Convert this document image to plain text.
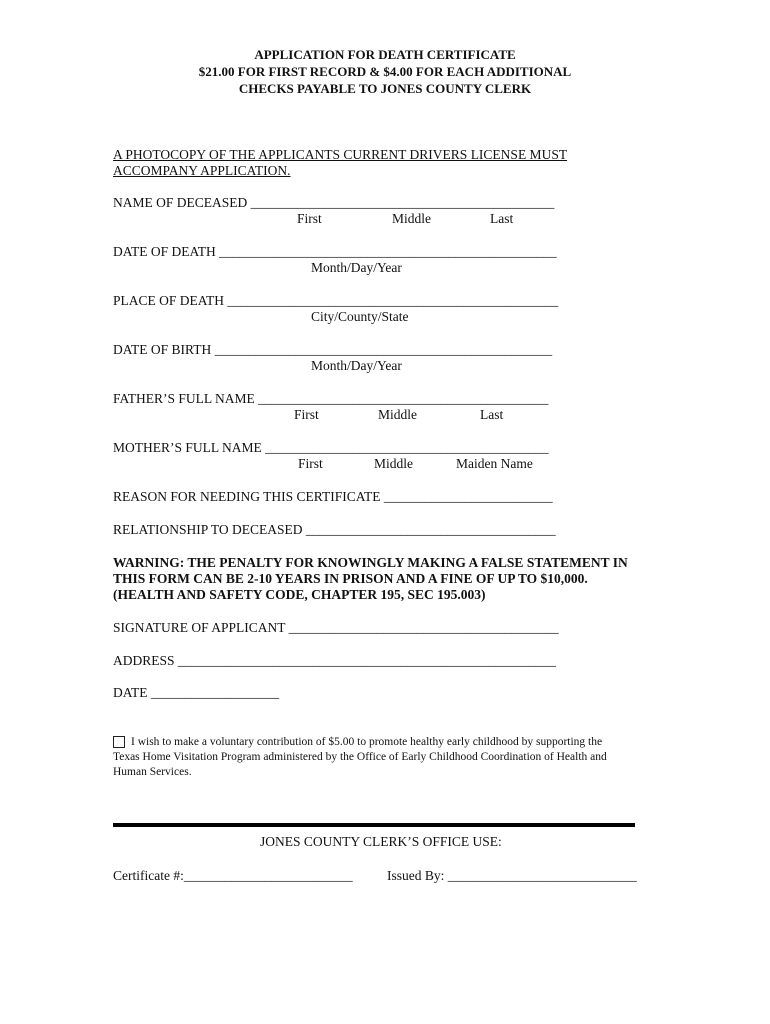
APPLICATION FOR DEATH CERTIFICATE
$21.00 FOR FIRST RECORD & $4.00 FOR EACH ADDITIONAL
CHECKS PAYABLE TO JONES COUNTY CLERK
A PHOTOCOPY OF THE APPLICANTS CURRENT DRIVERS LICENSE MUST
ACCOMPANY APPLICATION.
NAME OF DECEASED _____________________________________________
First	Middle	Last
DATE OF DEATH __________________________________________________
Month/Day/Year
PLACE OF DEATH _________________________________________________
City/County/State
DATE OF BIRTH __________________________________________________
Month/Day/Year
FATHER’S FULL NAME ___________________________________________
First	Middle	Last
MOTHER’S FULL NAME __________________________________________
First	Middle	Maiden Name
REASON FOR NEEDING THIS CERTIFICATE _________________________
RELATIONSHIP TO DECEASED _____________________________________
WARNING: THE PENALTY FOR KNOWINGLY MAKING A FALSE STATEMENT IN
THIS FORM CAN BE 2-10 YEARS IN PRISON AND A FINE OF UP TO $10,000.
(HEALTH AND SAFETY CODE, CHAPTER 195, SEC 195.003)
SIGNATURE OF APPLICANT ________________________________________
ADDRESS ________________________________________________________
DATE ___________________
I wish to make a voluntary contribution of $5.00 to promote healthy early childhood by supporting the
Texas Home Visitation Program administered by the Office of Early Childhood Coordination of Health and
Human Services.
JONES COUNTY CLERK’S OFFICE USE:
Certificate #:_________________________	Issued By: ____________________________
